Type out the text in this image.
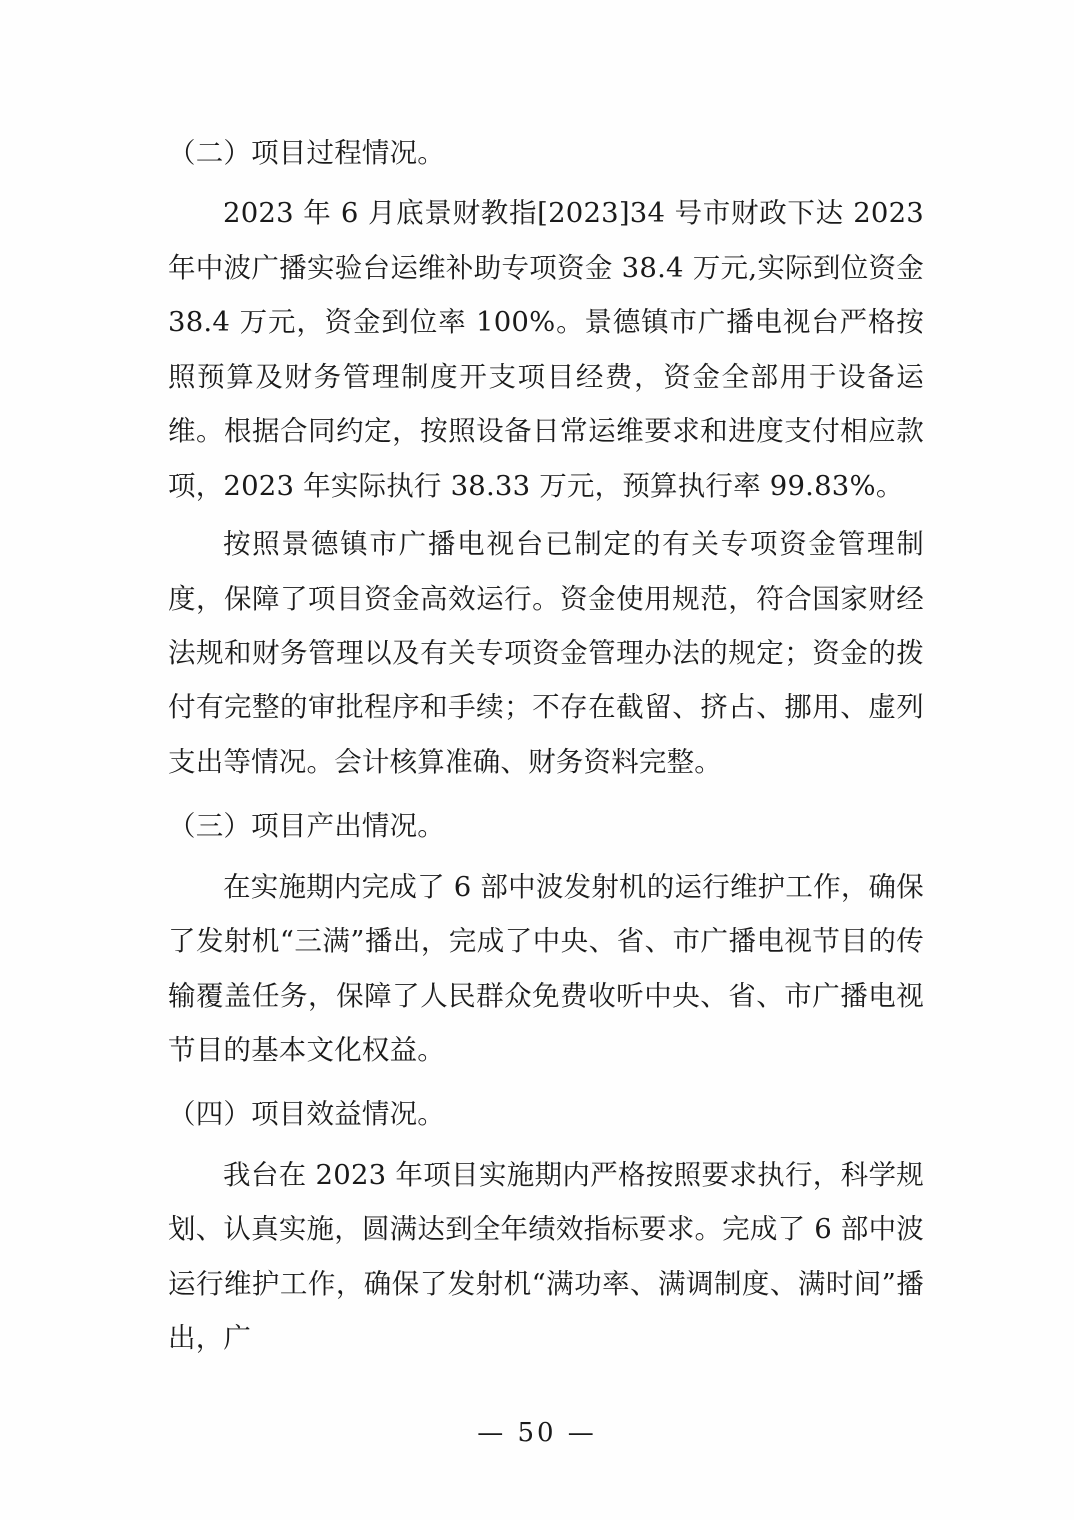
（二）项目过程情况。

2023 年 6 月底景财教指[2023]34 号市财政下达 2023 年中波广播实验台运维补助专项资金 38.4 万元,实际到位资金 38.4 万元，资金到位率 100%。景德镇市广播电视台严格按照预算及财务管理制度开支项目经费，资金全部用于设备运维。根据合同约定，按照设备日常运维要求和进度支付相应款项，2023 年实际执行 38.33 万元，预算执行率 99.83%。

按照景德镇市广播电视台已制定的有关专项资金管理制度，保障了项目资金高效运行。资金使用规范，符合国家财经法规和财务管理以及有关专项资金管理办法的规定；资金的拨付有完整的审批程序和手续；不存在截留、挤占、挪用、虚列支出等情况。会计核算准确、财务资料完整。

（三）项目产出情况。

在实施期内完成了 6 部中波发射机的运行维护工作，确保了发射机“三满”播出，完成了中央、省、市广播电视节目的传输覆盖任务，保障了人民群众免费收听中央、省、市广播电视节目的基本文化权益。

（四）项目效益情况。

我台在 2023 年项目实施期内严格按照要求执行，科学规划、认真实施，圆满达到全年绩效指标要求。完成了 6 部中波运行维护工作，确保了发射机“满功率、满调制度、满时间”播出，广

— 50 —
